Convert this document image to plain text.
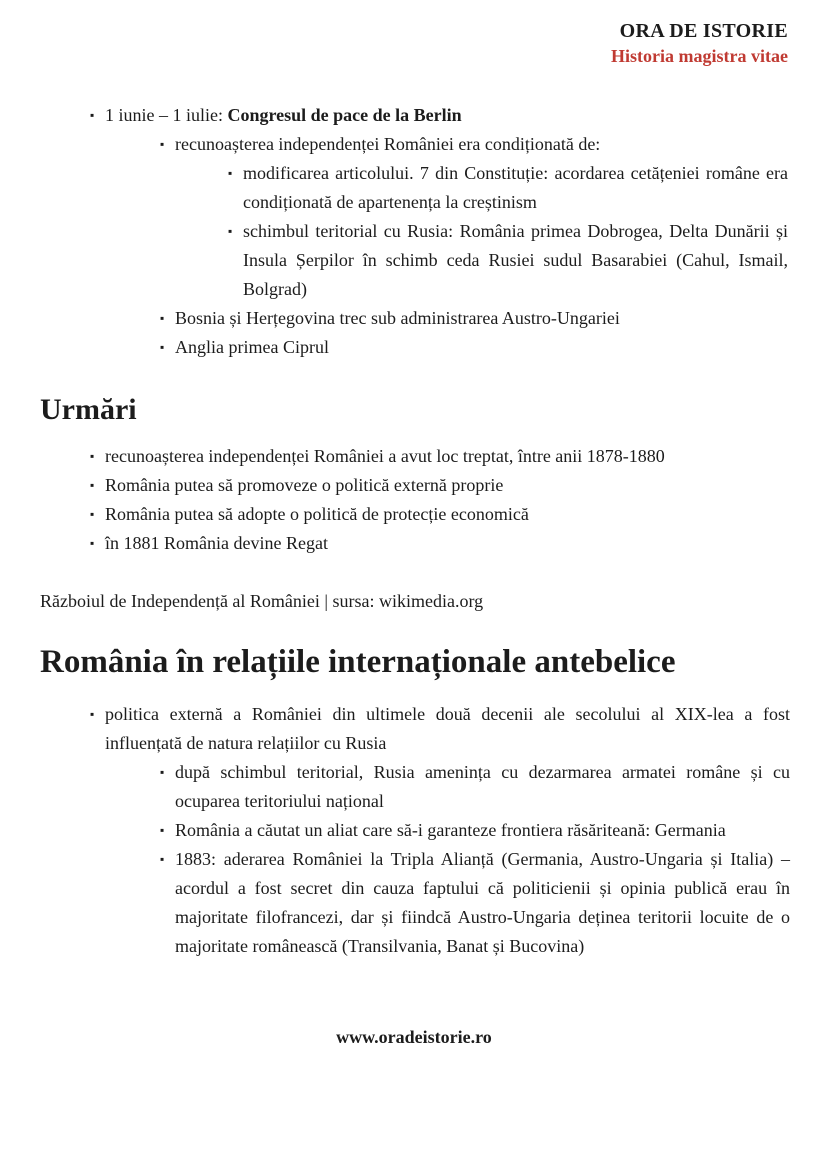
ORA DE ISTORIE
Historia magistra vitae
▪ 1 iunie – 1 iulie: Congresul de pace de la Berlin

▪ recunoașterea independenței României era condiționată de:

▪ modificarea articolului. 7 din Constituție: acordarea cetățeniei române era condiționată de apartenența la creștinism

▪ schimbul teritorial cu Rusia: România primea Dobrogea, Delta Dunării și Insula Șerpilor în schimb ceda Rusiei sudul Basarabiei (Cahul, Ismail, Bolgrad)

▪ Bosnia și Herțegovina trec sub administrarea Austro-Ungariei

▪ Anglia primea Ciprul

Urmări
▪ recunoașterea independenței României a avut loc treptat, între anii 1878-1880

▪ România putea să promoveze o politică externă proprie

▪ România putea să adopte o politică de protecție economică

▪ în 1881 România devine Regat

Războiul de Independență al României | sursa: wikimedia.org
România în relațiile internaționale antebelice
▪ politica externă a României din ultimele două decenii ale secolului al XIX-lea a fost influențată de natura relațiilor cu Rusia

▪ după schimbul teritorial, Rusia amenința cu dezarmarea armatei române și cu ocuparea teritoriului național

▪ România a căutat un aliat care să-i garanteze frontiera răsăriteană: Germania

▪ 1883: aderarea României la Tripla Alianță (Germania, Austro-Ungaria și Italia) – acordul a fost secret din cauza faptului că politicienii și opinia publică erau în majoritate filofrancezi, dar și fiindcă Austro-Ungaria deținea teritorii locuite de o majoritate românească (Transilvania, Banat și Bucovina)

www.oradeistorie.ro
